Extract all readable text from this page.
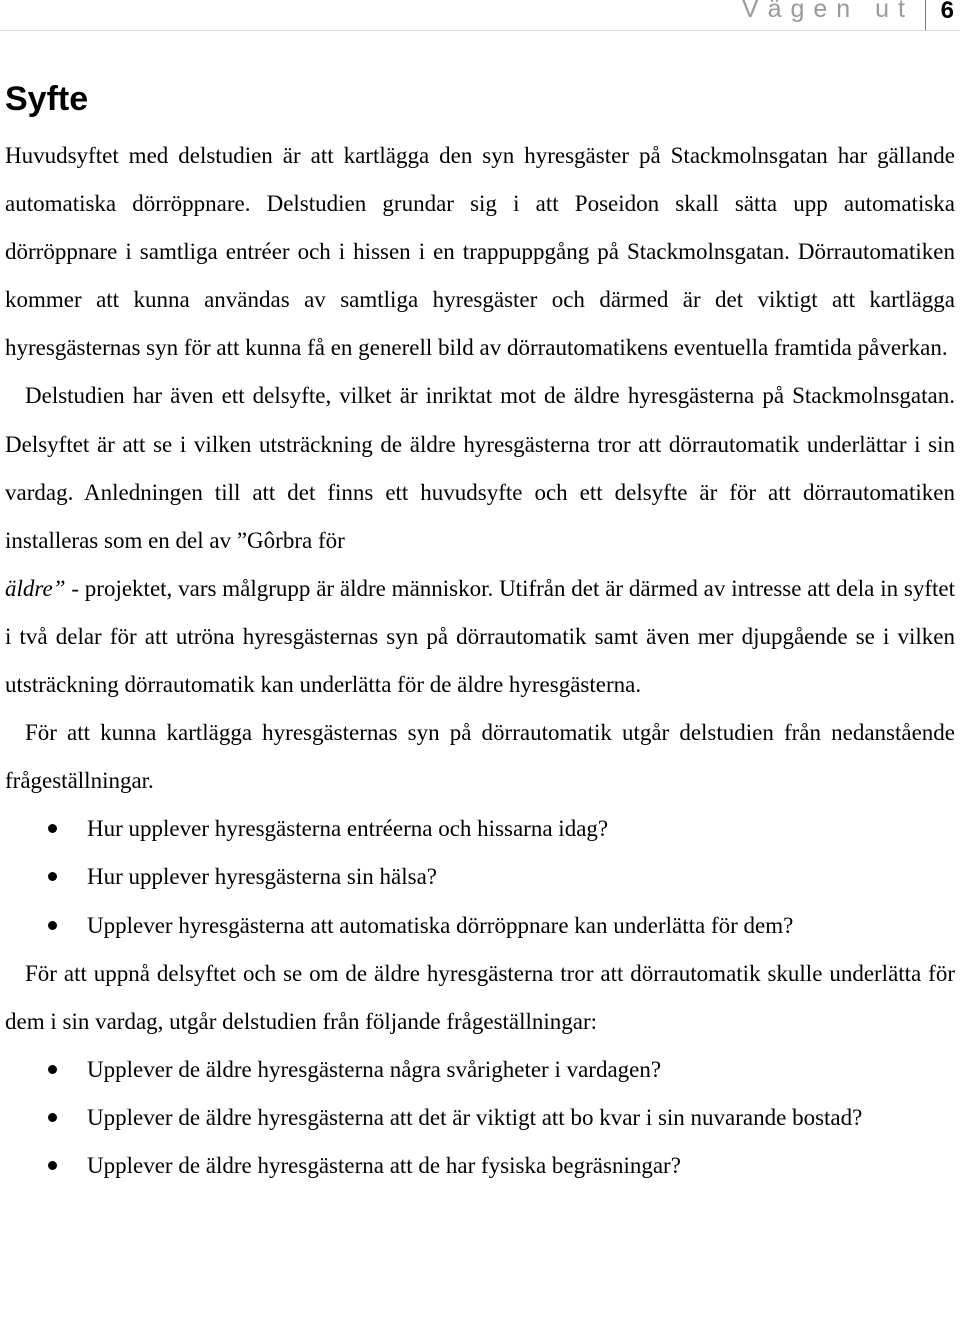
Vägen ut 6
Syfte

Huvudsyftet med delstudien är att kartlägga den syn hyresgäster på Stackmolnsgatan har gällande automatiska dörröppnare. Delstudien grundar sig i att Poseidon skall sätta upp automatiska dörröppnare i samtliga entréer och i hissen i en trappuppgång på Stackmolnsgatan. Dörrautomatiken kommer att kunna användas av samtliga hyresgäster och därmed är det viktigt att kartlägga hyresgästernas syn för att kunna få en generell bild av dörrautomatikens eventuella framtida påverkan.

Delstudien har även ett delsyfte, vilket är inriktat mot de äldre hyresgästerna på Stackmolnsgatan. Delsyftet är att se i vilken utsträckning de äldre hyresgästerna tror att dörrautomatik underlättar i sin vardag. Anledningen till att det finns ett huvudsyfte och ett delsyfte är för att dörrautomatiken installeras som en del av ”Gôrbra för
äldre” - projektet, vars målgrupp är äldre människor. Utifrån det är därmed av intresse att dela in syftet i två delar för att utröna hyresgästernas syn på dörrautomatik samt även mer djupgående se i vilken utsträckning dörrautomatik kan underlätta för de äldre hyresgästerna.

För att kunna kartlägga hyresgästernas syn på dörrautomatik utgår delstudien från nedanstående frågeställningar.

Hur upplever hyresgästerna entréerna och hissarna idag?
Hur upplever hyresgästerna sin hälsa?
Upplever hyresgästerna att automatiska dörröppnare kan underlätta för dem?

För att uppnå delsyftet och se om de äldre hyresgästerna tror att dörrautomatik skulle underlätta för dem i sin vardag, utgår delstudien från följande frågeställningar:

Upplever de äldre hyresgästerna några svårigheter i vardagen?
Upplever de äldre hyresgästerna att det är viktigt att bo kvar i sin nuvarande bostad?
Upplever de äldre hyresgästerna att de har fysiska begräsningar?
